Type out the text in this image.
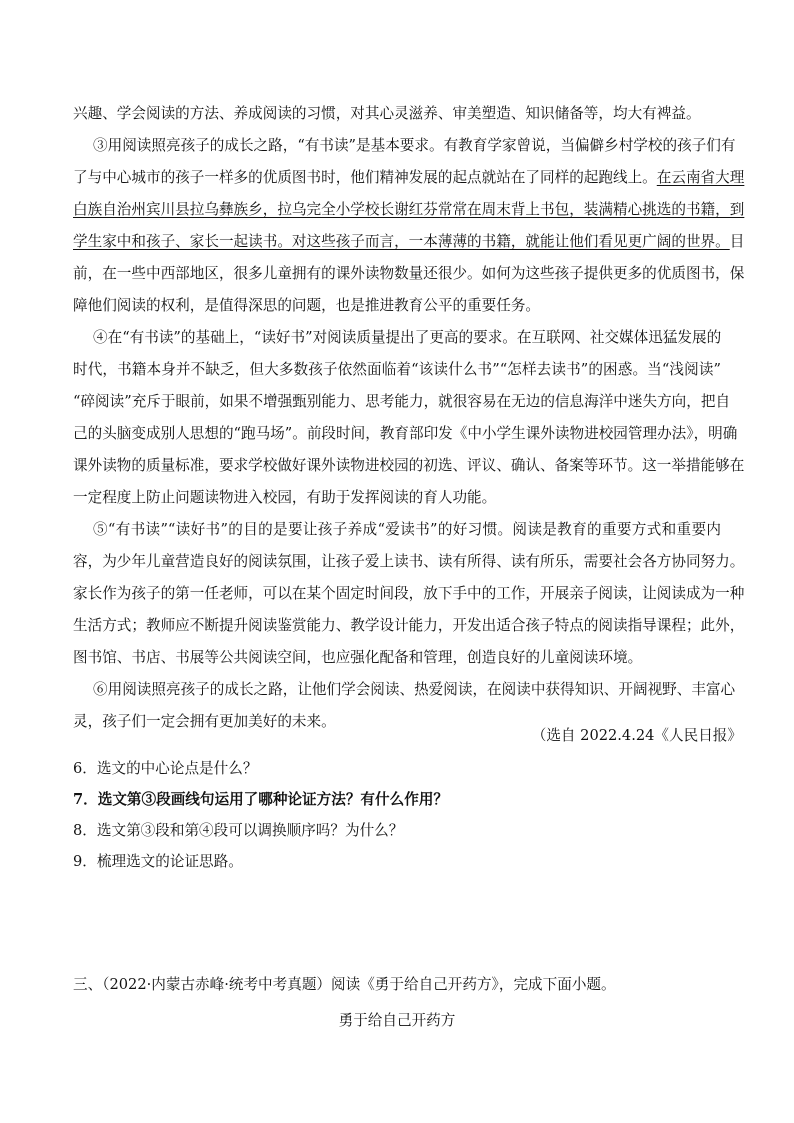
兴趣、学会阅读的方法、养成阅读的习惯，对其心灵滋养、审美塑造、知识储备等，均大有裨益。
③用阅读照亮孩子的成长之路，“有书读”是基本要求。有教育学家曾说，当偏僻乡村学校的孩子们有
了与中心城市的孩子一样多的优质图书时，他们精神发展的起点就站在了同样的起跑线上。在云南省大理
白族自治州宾川县拉乌彝族乡，拉乌完全小学校长谢红芬常常在周末背上书包，装满精心挑选的书籍，到
学生家中和孩子、家长一起读书。对这些孩子而言，一本薄薄的书籍，就能让他们看见更广阔的世界。目
前，在一些中西部地区，很多儿童拥有的课外读物数量还很少。如何为这些孩子提供更多的优质图书，保
障他们阅读的权利，是值得深思的问题，也是推进教育公平的重要任务。
④在“有书读”的基础上，“读好书”对阅读质量提出了更高的要求。在互联网、社交媒体迅猛发展的
时代，书籍本身并不缺乏，但大多数孩子依然面临着“该读什么书”“怎样去读书”的困惑。当“浅阅读”
“碎阅读”充斥于眼前，如果不增强甄别能力、思考能力，就很容易在无边的信息海洋中迷失方向，把自
己的头脑变成别人思想的“跑马场”。前段时间，教育部印发《中小学生课外读物进校园管理办法》，明确
课外读物的质量标准，要求学校做好课外读物进校园的初选、评议、确认、备案等环节。这一举措能够在
一定程度上防止问题读物进入校园，有助于发挥阅读的育人功能。
⑤“有书读”“读好书”的目的是要让孩子养成“爱读书”的好习惯。阅读是教育的重要方式和重要内
容，为少年儿童营造良好的阅读氛围，让孩子爱上读书、读有所得、读有所乐，需要社会各方协同努力。
家长作为孩子的第一任老师，可以在某个固定时间段，放下手中的工作，开展亲子阅读，让阅读成为一种
生活方式；教师应不断提升阅读鉴赏能力、教学设计能力，开发出适合孩子特点的阅读指导课程；此外，
图书馆、书店、书展等公共阅读空间，也应强化配备和管理，创造良好的儿童阅读环境。
⑥用阅读照亮孩子的成长之路，让他们学会阅读、热爱阅读，在阅读中获得知识、开阔视野、丰富心
灵，孩子们一定会拥有更加美好的未来。
（选自 2022.4.24《人民日报》
6．选文的中心论点是什么？
7．选文第③段画线句运用了哪种论证方法？有什么作用？
8．选文第③段和第④段可以调换顺序吗？为什么？
9．梳理选文的论证思路。
三、（2022·内蒙古赤峰·统考中考真题）阅读《勇于给自己开药方》，完成下面小题。
勇于给自己开药方
